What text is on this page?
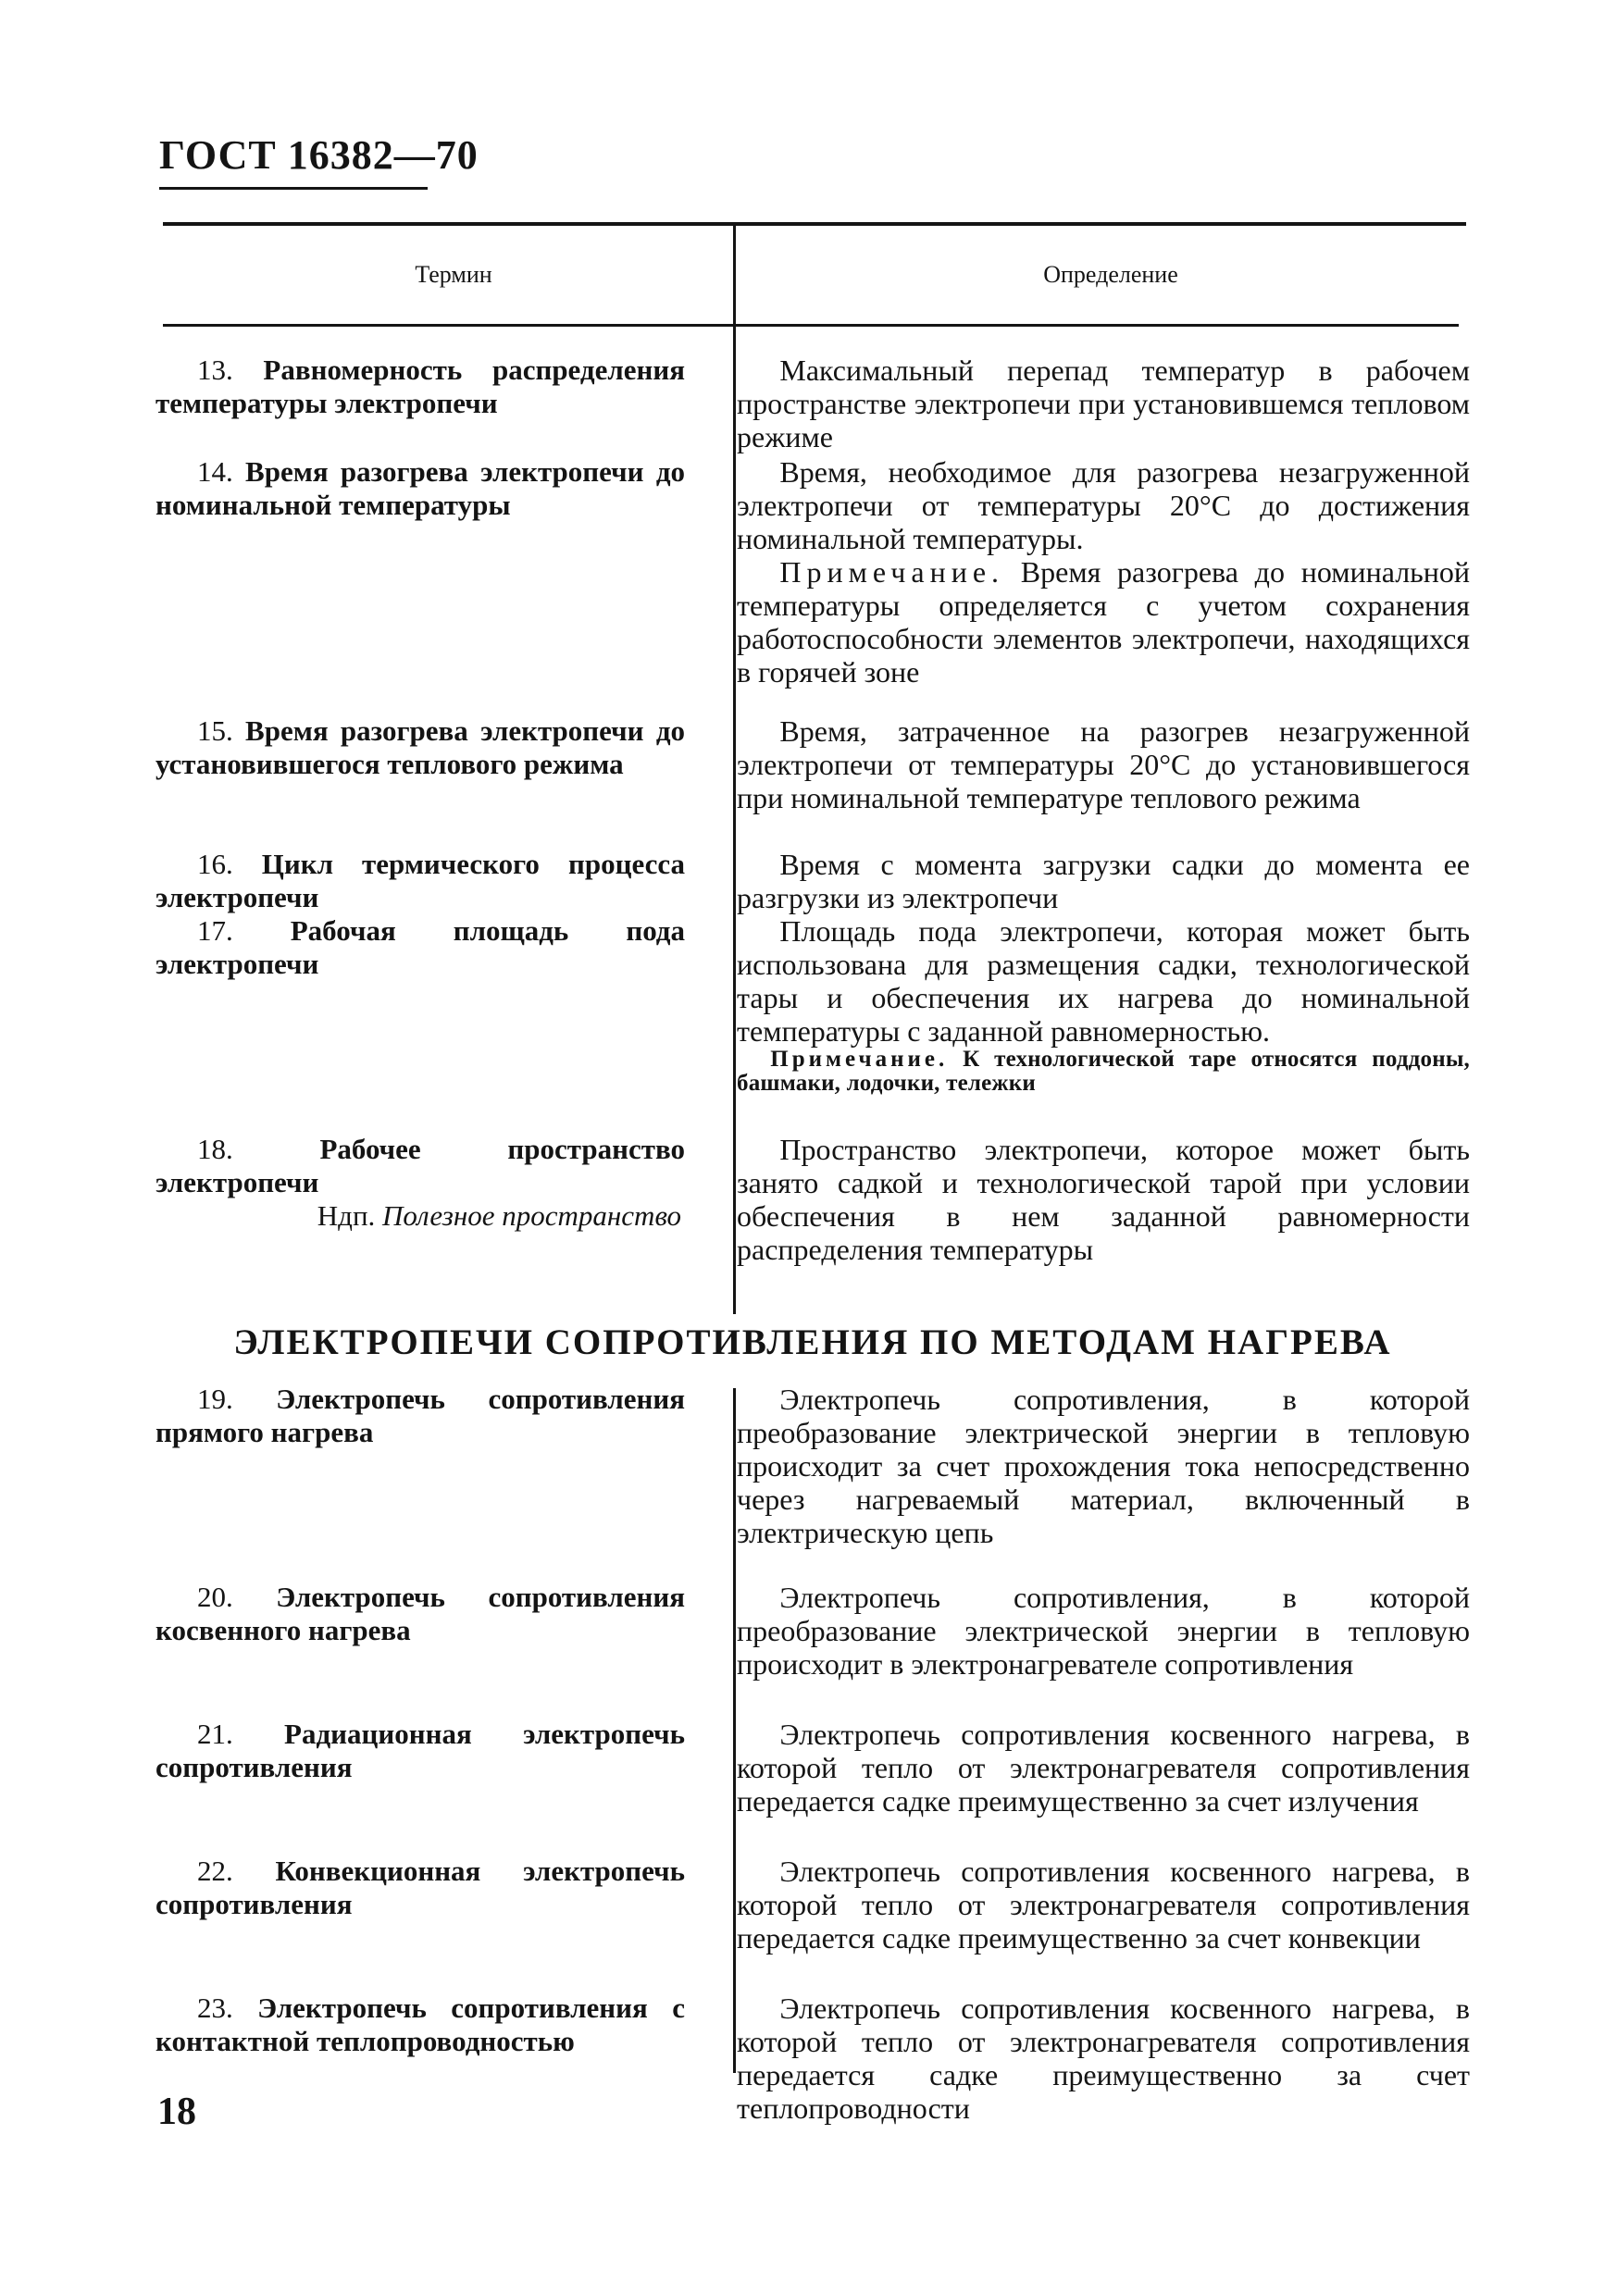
ГОСТ 16382—70
Термин	Определение
13. Равномерность распределения температуры электропечи
Максимальный перепад температур в рабочем пространстве электропечи при установившемся тепловом режиме
14. Время разогрева электропечи до номинальной температуры
Время, необходимое для разогрева незагруженной электропечи от температуры 20°С до достижения номинальной температуры.
Примечание. Время разогрева до номинальной температуры определяется с учетом сохранения работоспособности элементов электропечи, находящихся в горячей зоне
15. Время разогрева электропечи до установившегося теплового режима
Время, затраченное на разогрев незагруженной электропечи от температуры 20°С до установившегося при номинальной температуре теплового режима
16. Цикл термического процесса электропечи
Время с момента загрузки садки до момента ее разгрузки из электропечи
17. Рабочая площадь пода электропечи
Площадь пода электропечи, которая может быть использована для размещения садки, технологической тары и обеспечения их нагрева до номинальной температуры с заданной равномерностью.
Примечание. К технологической таре относятся поддоны, башмаки, лодочки, тележки
18.	Рабочее пространство электропечи
Ндп. Полезное пространство
Пространство электропечи, которое может быть занято садкой и технологической тарой при условии обеспечения в нем заданной равномерности распределения температуры
ЭЛЕКТРОПЕЧИ СОПРОТИВЛЕНИЯ ПО МЕТОДАМ НАГРЕВА
19. Электропечь сопротивления прямого нагрева
Электропечь сопротивления, в которой преобразование электрической энергии в тепловую происходит за счет прохождения тока непосредственно через нагреваемый материал, включенный в электрическую цепь
20. Электропечь сопротивления косвенного нагрева
Электропечь сопротивления, в которой преобразование электрической энергии в тепловую происходит в электронагревателе сопротивления
21. Радиационная электропечь сопротивления
Электропечь сопротивления косвенного нагрева, в которой тепло от электронагревателя сопротивления передается садке преимущественно за счет излучения
22. Конвекционная электропечь сопротивления
Электропечь сопротивления косвенного нагрева, в которой тепло от электронагревателя сопротивления передается садке преимущественно за счет конвекции
23. Электропечь сопротивления с контактной теплопроводностью
Электропечь сопротивления косвенного нагрева, в которой тепло от электронагревателя сопротивления передается садке преимущественно за счет теплопроводности
18
